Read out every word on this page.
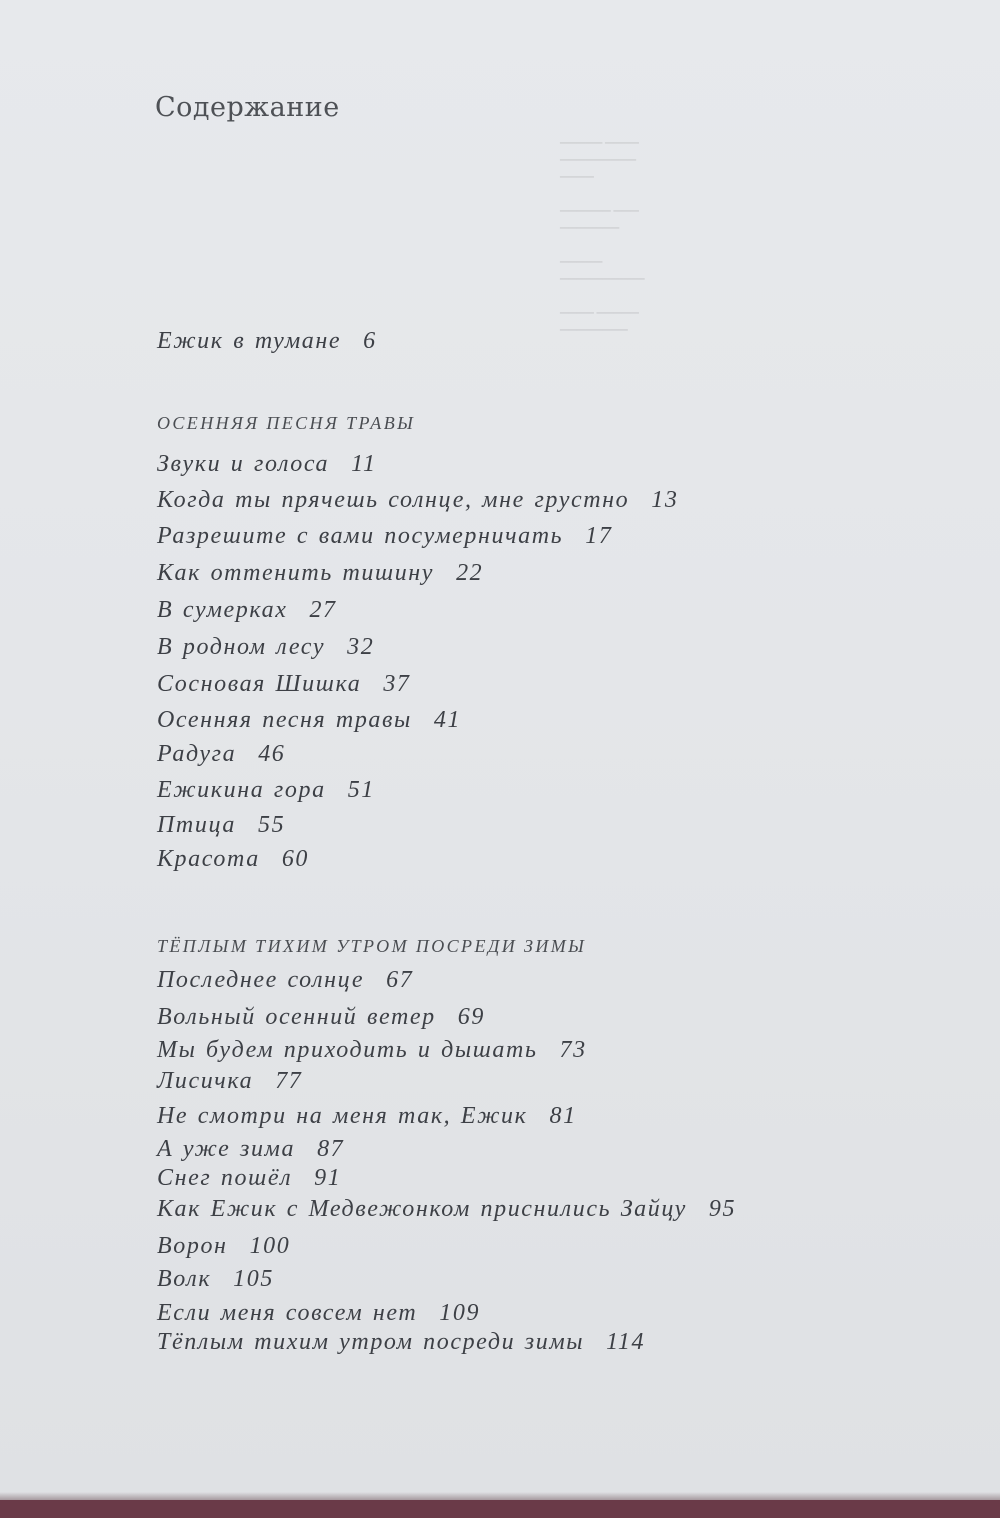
▁▁▁▁▁ ▁▁▁▁
▁▁▁▁▁▁▁▁▁
▁▁▁▁

▁▁▁▁▁▁ ▁▁▁
▁▁▁▁▁▁▁

▁▁▁▁▁
▁▁▁▁▁▁▁▁▁▁

▁▁▁▁ ▁▁▁▁▁
▁▁▁▁▁▁▁▁
Содержание
Ежик в тумане 6
ОСЕННЯЯ ПЕСНЯ ТРАВЫ
Звуки и голоса 11
Когда ты прячешь солнце, мне грустно 13
Разрешите с вами посумерничать 17
Как оттенить тишину 22
В сумерках 27
В родном лесу 32
Сосновая Шишка 37
Осенняя песня травы 41
Радуга 46
Ежикина гора 51
Птица 55
Красота 60
ТЁПЛЫМ ТИХИМ УТРОМ ПОСРЕДИ ЗИМЫ
Последнее солнце 67
Вольный осенний ветер 69
Мы будем приходить и дышать 73
Лисичка 77
Не смотри на меня так, Ежик 81
А уже зима 87
Снег пошёл 91
Как Ежик с Медвежонком приснились Зайцу 95
Ворон 100
Волк 105
Если меня совсем нет 109
Тёплым тихим утром посреди зимы 114
